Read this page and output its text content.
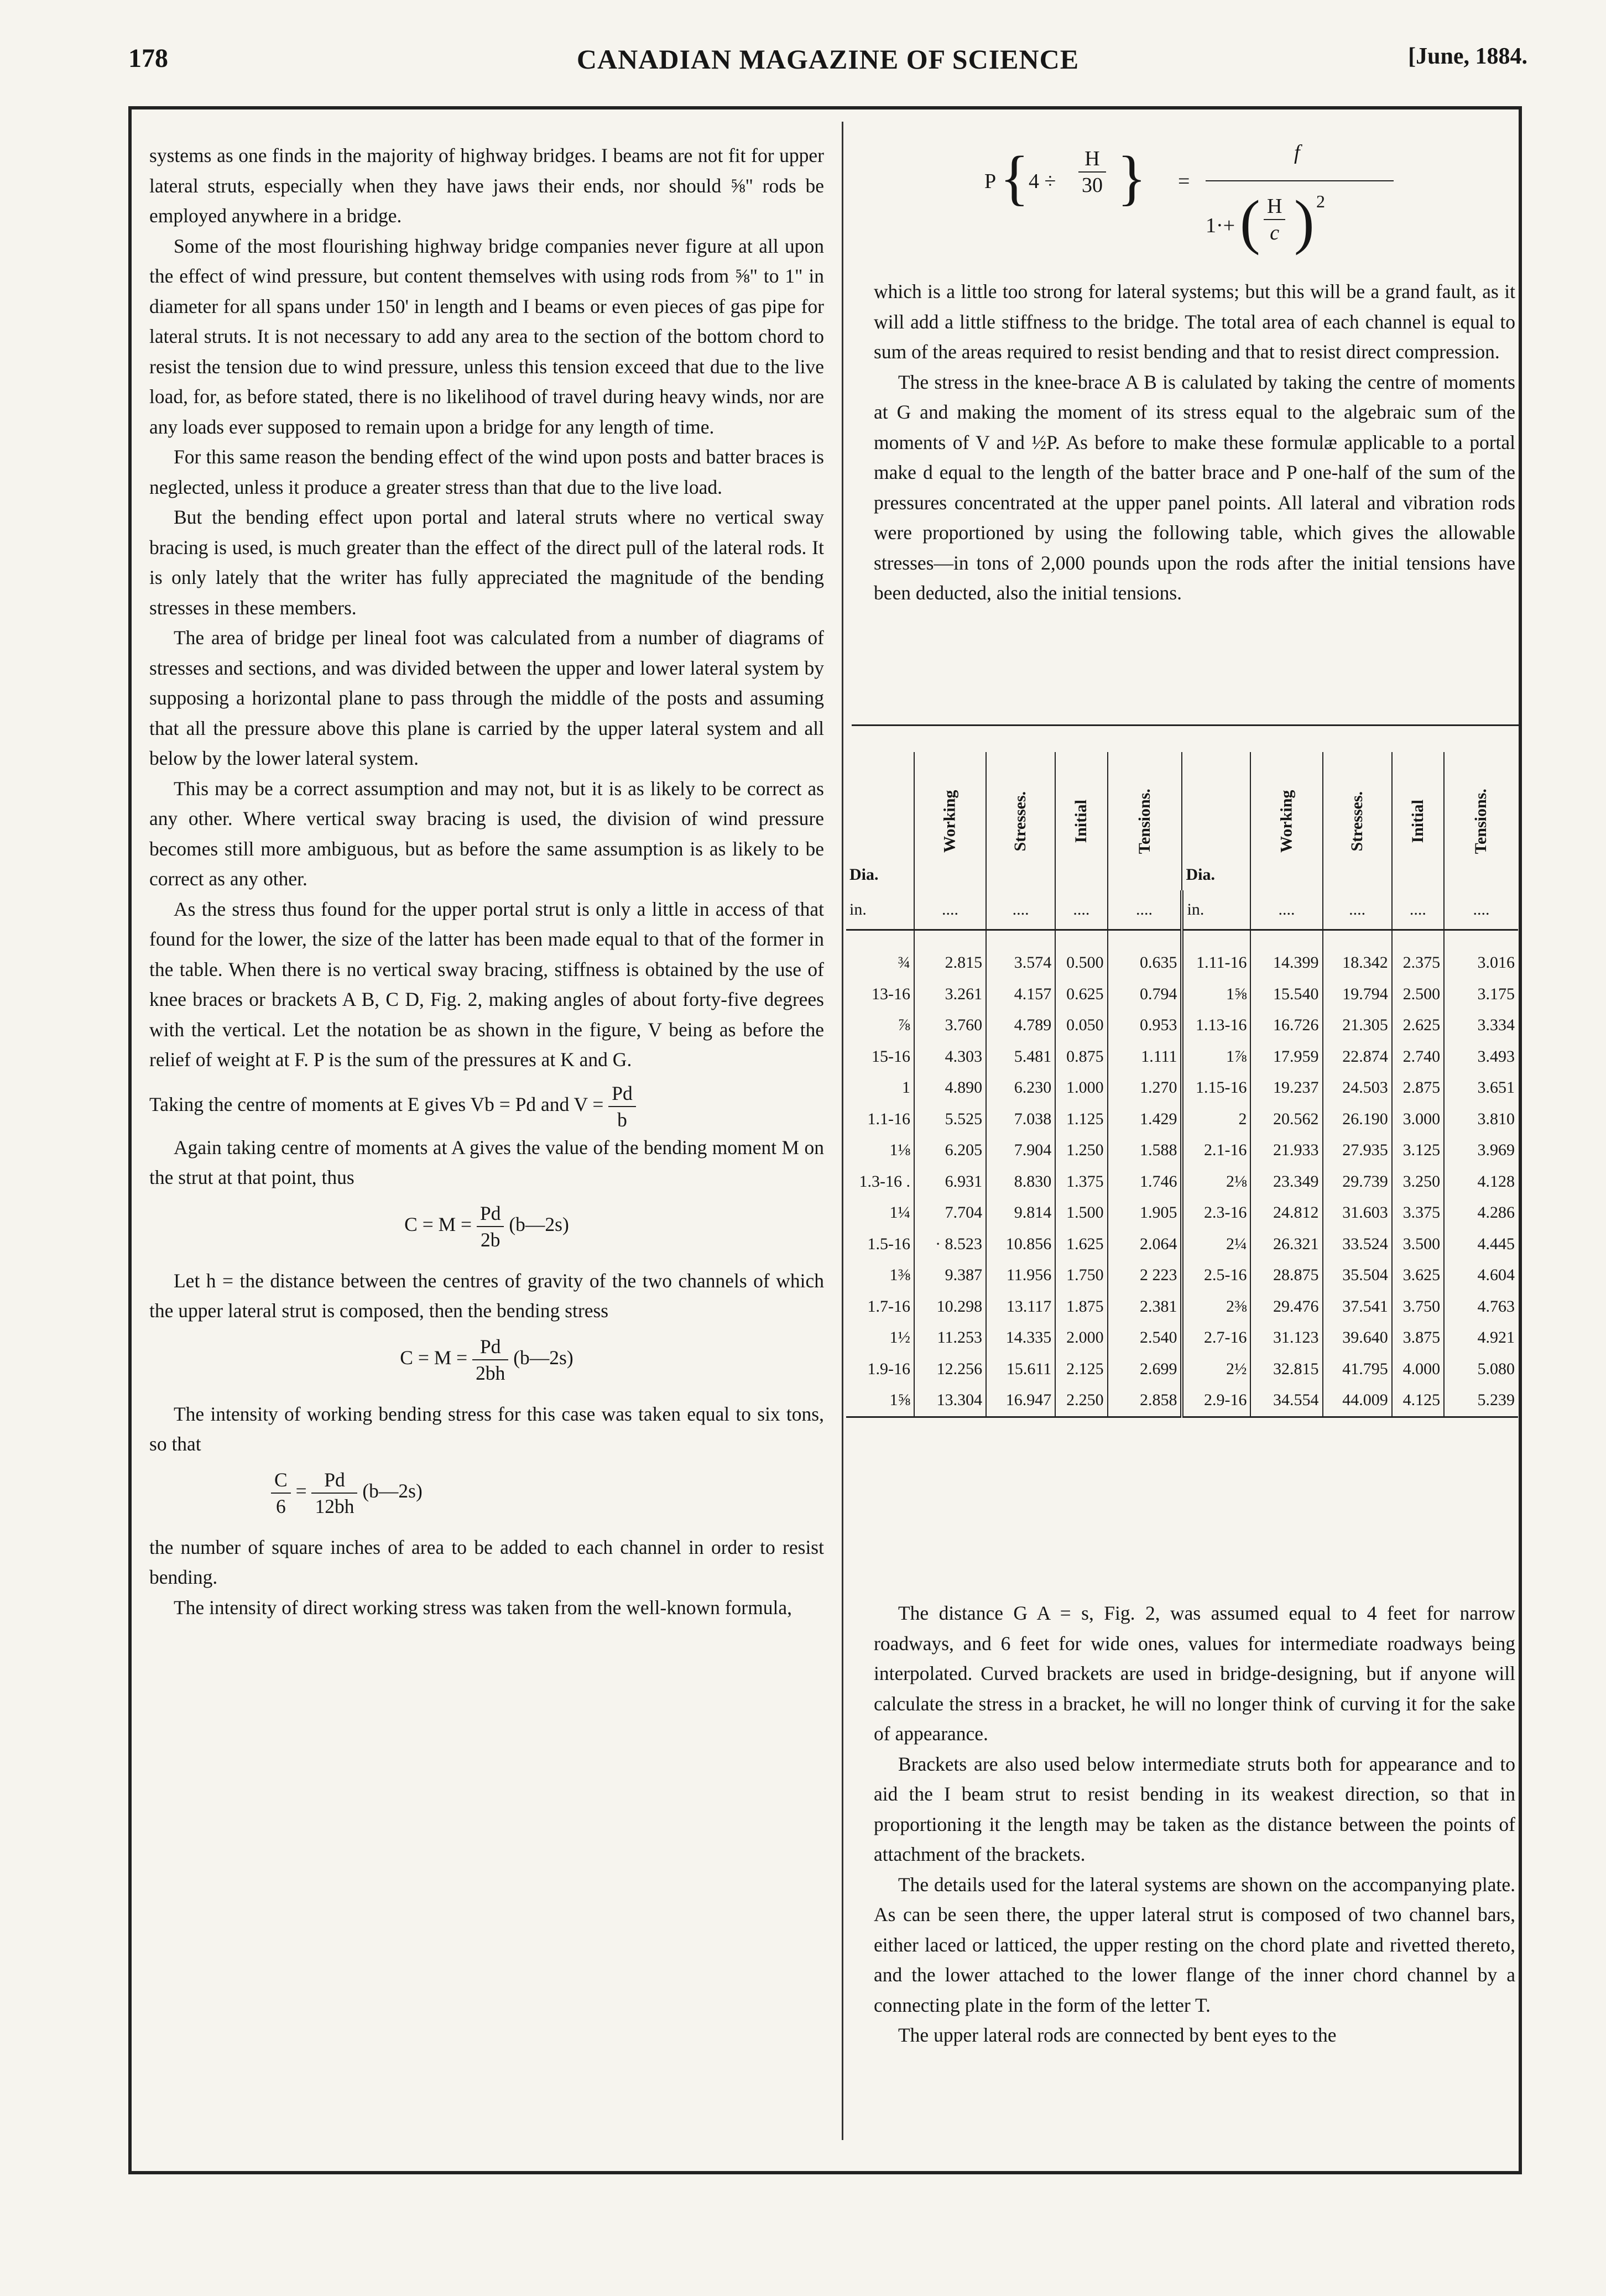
178	CANADIAN MAGAZINE OF SCIENCE	[June, 1884.

systems as one finds in the majority of highway bridges. I beams are not fit for upper lateral struts, especially when they have jaws their ends, nor should ⅝" rods be employed anywhere in a bridge.

Some of the most flourishing highway bridge companies never figure at all upon the effect of wind pressure, but content themselves with using rods from ⅝" to 1" in diameter for all spans under 150' in length and I beams or even pieces of gas pipe for lateral struts. It is not necessary to add any area to the section of the bottom chord to resist the tension due to wind pressure, unless this tension exceed that due to the live load, for, as before stated, there is no likelihood of travel during heavy winds, nor are any loads ever supposed to remain upon a bridge for any length of time.

For this same reason the bending effect of the wind upon posts and batter braces is neglected, unless it produce a greater stress than that due to the live load.

But the bending effect upon portal and lateral struts where no vertical sway bracing is used, is much greater than the effect of the direct pull of the lateral rods. It is only lately that the writer has fully appreciated the magnitude of the bending stresses in these members.

The area of bridge per lineal foot was calculated from a number of diagrams of stresses and sections, and was divided between the upper and lower lateral system by supposing a horizontal plane to pass through the middle of the posts and assuming that all the pressure above this plane is carried by the upper lateral system and all below by the lower lateral system.

This may be a correct assumption and may not, but it is as likely to be correct as any other. Where vertical sway bracing is used, the division of wind pressure becomes still more ambiguous, but as before the same assumption is as likely to be correct as any other.

As the stress thus found for the upper portal strut is only a little in access of that found for the lower, the size of the latter has been made equal to that of the former in the table. When there is no vertical sway bracing, stiffness is obtained by the use of knee braces or brackets A B, C D, Fig. 2, making angles of about forty-five degrees with the vertical. Let the notation be as shown in the figure, V being as before the relief of weight at F. P is the sum of the pressures at K and G.

Taking the centre of moments at E gives Vb = Pd and $V = \frac{Pd}{b}$

Again taking centre of moments at A gives the value of the bending moment M on the strut at that point, thus

$C = M = \frac{Pd}{2b}$ (b—2s)

Let h = the distance between the centres of gravity of the two channels of which the upper lateral strut is composed, then the bending stress

$C = M = \frac{Pd}{2bh}$ (b—2s)

The intensity of working bending stress for this case was taken equal to six tons, so that

$\frac{C}{6} = \frac{Pd}{12bh}$ (b—2s)

the number of square inches of area to be added to each channel in order to resist bending.

The intensity of direct working stress was taken from the well-known formula,

P { $4 \div \frac{H}{30}$ } =
f
1·+ ( $\frac{H}{c}$ ) 2

which is a little too strong for lateral systems; but this will be a grand fault, as it will add a little stiffness to the bridge. The total area of each channel is equal to sum of the areas required to resist bending and that to resist direct compression.

The stress in the knee-brace A B is calulated by taking the centre of moments at G and making the moment of its stress equal to the algebraic sum of the moments of V and ½P. As before to make these formulæ applicable to a portal make d equal to the length of the batter brace and P one-half of the sum of the pressures concentrated at the upper panel points. All lateral and vibration rods were proportioned by using the following table, which gives the allowable stresses—in tons of 2,000 pounds upon the rods after the initial tensions have been deducted, also the initial tensions.

Dia.	Working	Stresses.	Initial	Tensions.	Dia.	Working	Stresses.	Initial	Tensions.
in.	....	....	....	....	in.	....	....	....	....
¾	2.815	3.574	0.500	0.635	1.11-16	14.399	18.342	2.375	3.016
13-16	3.261	4.157	0.625	0.794	1⅝	15.540	19.794	2.500	3.175
⅞	3.760	4.789	0.050	0.953	1.13-16	16.726	21.305	2.625	3.334
15-16	4.303	5.481	0.875	1.111	1⅞	17.959	22.874	2.740	3.493
1	4.890	6.230	1.000	1.270	1.15-16	19.237	24.503	2.875	3.651
1.1-16	5.525	7.038	1.125	1.429	2	20.562	26.190	3.000	3.810
1⅛	6.205	7.904	1.250	1.588	2.1-16	21.933	27.935	3.125	3.969
1.3-16 .	6.931	8.830	1.375	1.746	2⅛	23.349	29.739	3.250	4.128
1¼	7.704	9.814	1.500	1.905	2.3-16	24.812	31.603	3.375	4.286
1.5-16	· 8.523	10.856	1.625	2.064	2¼	26.321	33.524	3.500	4.445
1⅜	9.387	11.956	1.750	2 223	2.5-16	28.875	35.504	3.625	4.604
1.7-16	10.298	13.117	1.875	2.381	2⅜	29.476	37.541	3.750	4.763
1½	11.253	14.335	2.000	2.540	2.7-16	31.123	39.640	3.875	4.921
1.9-16	12.256	15.611	2.125	2.699	2½	32.815	41.795	4.000	5.080
1⅝	13.304	16.947	2.250	2.858	2.9-16	34.554	44.009	4.125	5.239

The distance G A = s, Fig. 2, was assumed equal to 4 feet for narrow roadways, and 6 feet for wide ones, values for intermediate roadways being interpolated. Curved brackets are used in bridge-designing, but if anyone will calculate the stress in a bracket, he will no longer think of curving it for the sake of appearance.

Brackets are also used below intermediate struts both for appearance and to aid the I beam strut to resist bending in its weakest direction, so that in proportioning it the length may be taken as the distance between the points of attachment of the brackets.

The details used for the lateral systems are shown on the accompanying plate. As can be seen there, the upper lateral strut is composed of two channel bars, either laced or latticed, the upper resting on the chord plate and rivetted thereto, and the lower attached to the lower flange of the inner chord channel by a connecting plate in the form of the letter T.

The upper lateral rods are connected by bent eyes to the
